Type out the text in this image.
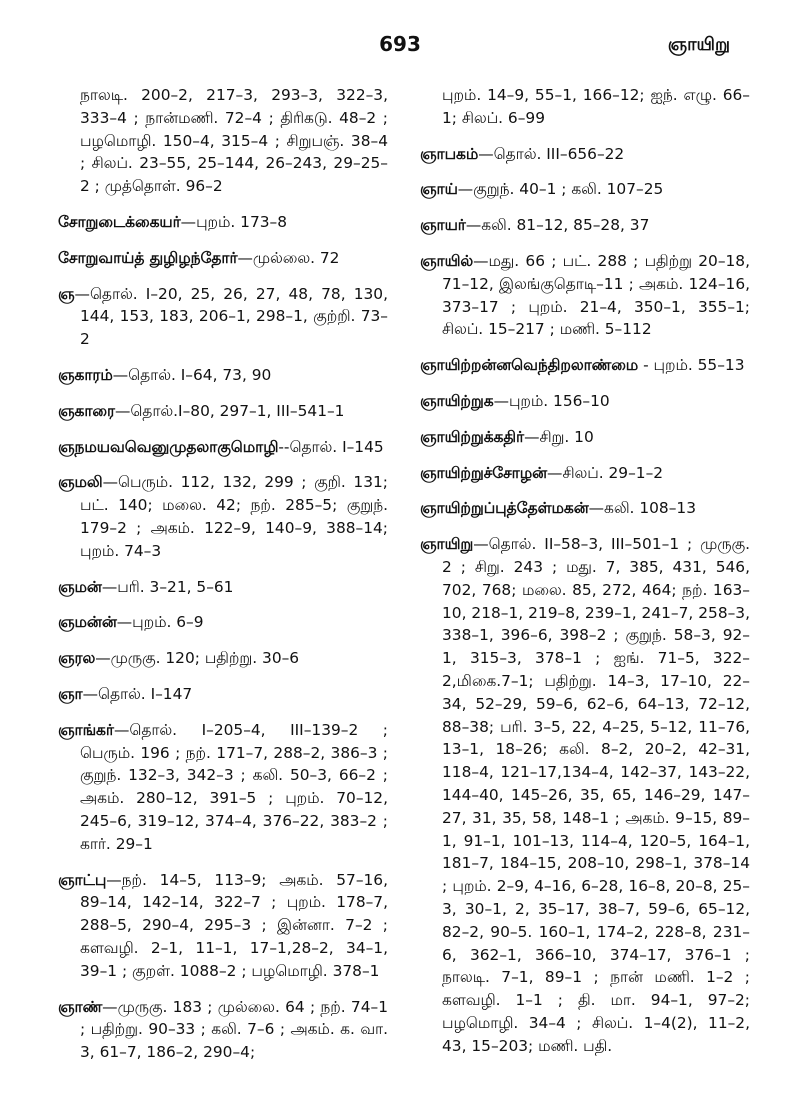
693	ஞாயிறு

நாலடி. 200–2, 217–3, 293–3, 322–3, 333–4 ; நான்மணி. 72–4 ; திரிகடு. 48–2 ; பழமொழி. 150–4, 315–4 ; சிறுபஞ். 38–4 ; சிலப். 23–55, 25–144, 26–243, 29–25–2 ; முத்தொள். 96–2

சோறுடைக்கையர்—புறம். 173–8

சோறுவாய்த் துழிழந்தோர்—முல்லை. 72

ஞ—தொல். I–20, 25, 26, 27, 48, 78, 130, 144, 153, 183, 206–1, 298–1, குற்றி. 73–2

ஞகாரம்—தொல். I–64, 73, 90

ஞகாரை—தொல்.I–80, 297–1, III–541–1

ஞநமயவவெனுமுதலாகுமொழி--தொல். I–145

ஞமலி—பெரும். 112, 132, 299 ; குறி. 131; பட். 140; மலை. 42; நற். 285–5; குறுந். 179–2 ; அகம். 122–9, 140–9, 388–14; புறம். 74–3

ஞமன்—பரி. 3–21, 5–61

ஞமன்ன்—புறம். 6–9

ஞரல—முருகு. 120; பதிற்று. 30–6

ஞா—தொல். I–147

ஞாங்கர்—தொல். I–205–4, III–139–2 ; பெரும். 196 ; நற். 171–7, 288–2, 386–3 ; குறுந். 132–3, 342–3 ; கலி. 50–3, 66–2 ; அகம். 280–12, 391–5 ; புறம். 70–12, 245–6, 319–12, 374–4, 376–22, 383–2 ; கார். 29–1

ஞாட்பு—நற். 14–5, 113–9; அகம். 57–16, 89–14, 142–14, 322–7 ; புறம். 178–7, 288–5, 290–4, 295–3 ; இன்னா. 7–2 ; களவழி. 2–1, 11–1, 17–1,28–2, 34–1, 39–1 ; குறள். 1088–2 ; பழமொழி. 378–1

ஞாண்—முருகு. 183 ; முல்லை. 64 ; நற். 74–1 ; பதிற்று. 90–33 ; கலி. 7–6 ; அகம். க. வா. 3, 61–7, 186–2, 290–4;

புறம். 14–9, 55–1, 166–12; ஐந். எழு. 66–1; சிலப். 6–99

ஞாபகம்—தொல். III–656–22

ஞாய்—குறுந். 40–1 ; கலி. 107–25

ஞாயர்—கலி. 81–12, 85–28, 37

ஞாயில்—மது. 66 ; பட். 288 ; பதிற்று 20–18, 71–12, இலங்குதொடி–11 ; அகம். 124–16, 373–17 ; புறம். 21–4, 350–1, 355–1; சிலப். 15–217 ; மணி. 5–112

ஞாயிற்றன்னவெந்திறலாண்மை - புறம். 55–13

ஞாயிற்றுக—புறம். 156–10

ஞாயிற்றுக்கதிர்—சிறு. 10

ஞாயிற்றுச்சோழன்—சிலப். 29–1–2

ஞாயிற்றுப்புத்தேள்மகன்—கலி. 108–13

ஞாயிறு—தொல். II–58–3, III–501–1 ; முருகு. 2 ; சிறு. 243 ; மது. 7, 385, 431, 546, 702, 768; மலை. 85, 272, 464; நற். 163–10, 218–1, 219–8, 239–1, 241–7, 258–3, 338–1, 396–6, 398–2 ; குறுந். 58–3, 92–1, 315–3, 378–1 ; ஐங். 71–5, 322–2,மிகை.7–1; பதிற்று. 14–3, 17–10, 22–34, 52–29, 59–6, 62–6, 64–13, 72–12, 88–38; பரி. 3–5, 22, 4–25, 5–12, 11–76, 13–1, 18–26; கலி. 8–2, 20–2, 42–31, 118–4, 121–17,134–4, 142–37, 143–22, 144–40, 145–26, 35, 65, 146–29, 147–27, 31, 35, 58, 148–1 ; அகம். 9–15, 89–1, 91–1, 101–13, 114–4, 120–5, 164–1, 181–7, 184–15, 208–10, 298–1, 378–14 ; புறம். 2–9, 4–16, 6–28, 16–8, 20–8, 25–3, 30–1, 2, 35–17, 38–7, 59–6, 65–12, 82–2, 90–5. 160–1, 174–2, 228–8, 231–6, 362–1, 366–10, 374–17, 376–1 ; நாலடி. 7–1, 89–1 ; நான் மணி. 1–2 ; களவழி. 1–1 ; தி. மா. 94–1, 97–2; பழமொழி. 34–4 ; சிலப். 1–4(2), 11–2, 43, 15–203; மணி. பதி.
